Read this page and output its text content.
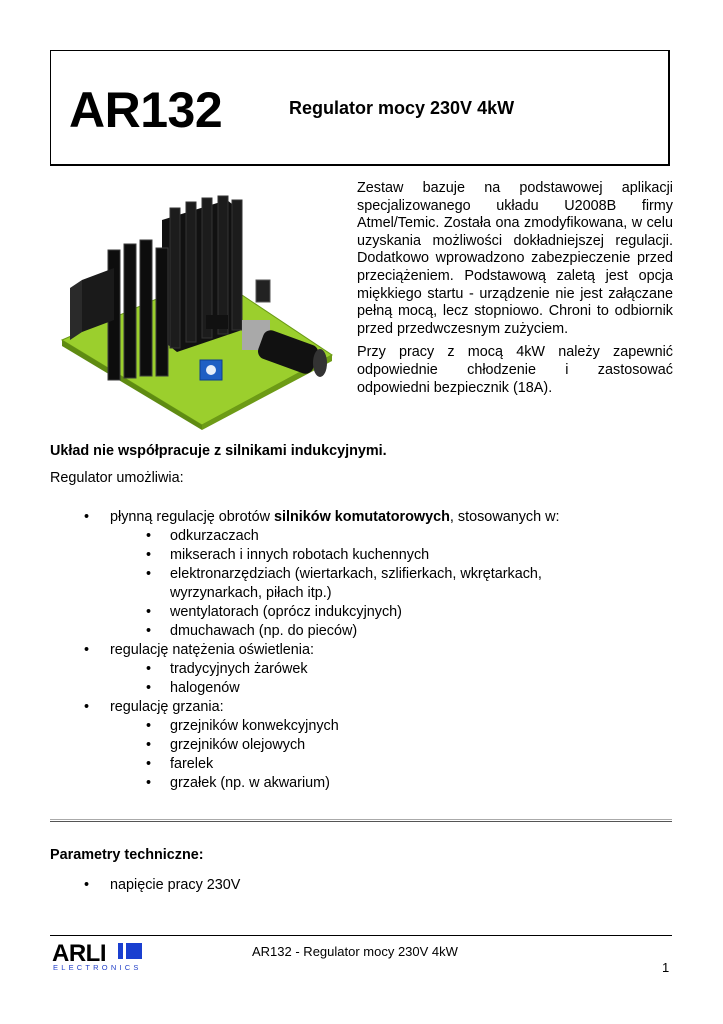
AR132	Regulator mocy 230V 4kW

Zestaw bazuje na podstawowej aplikacji specjalizowanego układu U2008B firmy Atmel/Temic. Została ona zmodyfikowana, w celu uzyskania możliwości dokładniejszej regulacji. Dodatkowo wprowadzono zabezpieczenie przed przeciążeniem. Podstawową zaletą jest opcja miękkiego startu - urządzenie nie jest załączane pełną mocą, lecz stopniowo. Chroni to odbiornik przed przedwczesnym zużyciem.

Przy pracy z mocą 4kW należy zapewnić odpowiednie chłodzenie i zastosować odpowiedni bezpiecznik (18A).

Układ nie współpracuje z silnikami indukcyjnymi.
Regulator umożliwia:
• płynną regulację obrotów silników komutatorowych, stosowanych w:
• odkurzaczach
• mikserach i innych robotach kuchennych
• elektronarzędziach (wiertarkach, szlifierkach, wkrętarkach, wyrzynarkach, piłach itp.)
• wentylatorach (oprócz indukcyjnych)
• dmuchawach (np. do pieców)
• regulację natężenia oświetlenia:
• tradycyjnych żarówek
• halogenów
• regulację grzania:
• grzejników konwekcyjnych
• grzejników olejowych
• farelek
• grzałek (np. w akwarium)
Parametry techniczne:
• napięcie pracy 230V
ARLI
ELECTRONICS
AR132 - Regulator mocy 230V 4kW
1
